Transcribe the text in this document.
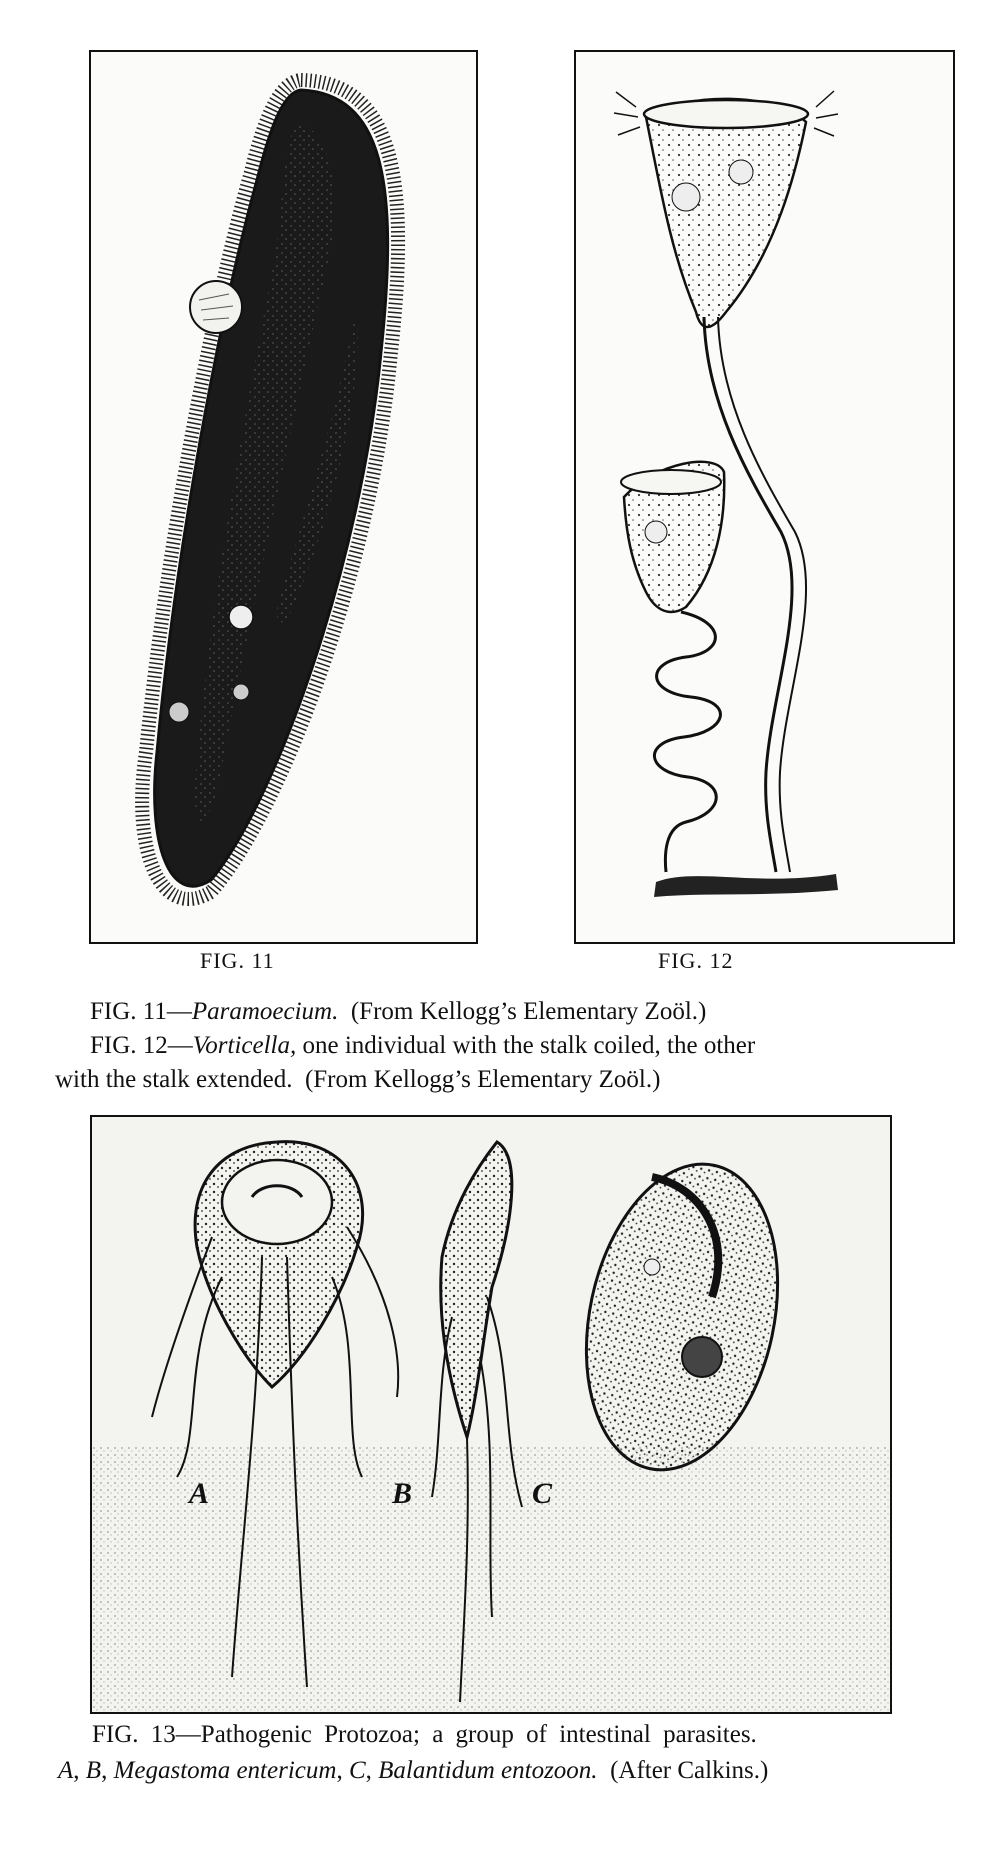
FIG. 11	FIG. 12
FIG. 11—Paramoecium.  (From Kellogg’s Elementary Zoöl.)
FIG. 12—Vorticella, one individual with the stalk coiled, the other
with the stalk extended.  (From Kellogg’s Elementary Zoöl.)
A	B	C
FIG. 13—Pathogenic Protozoa; a group of intestinal parasites.
A, B, Megastoma entericum, C, Balantidum entozoon.  (After Calkins.)
